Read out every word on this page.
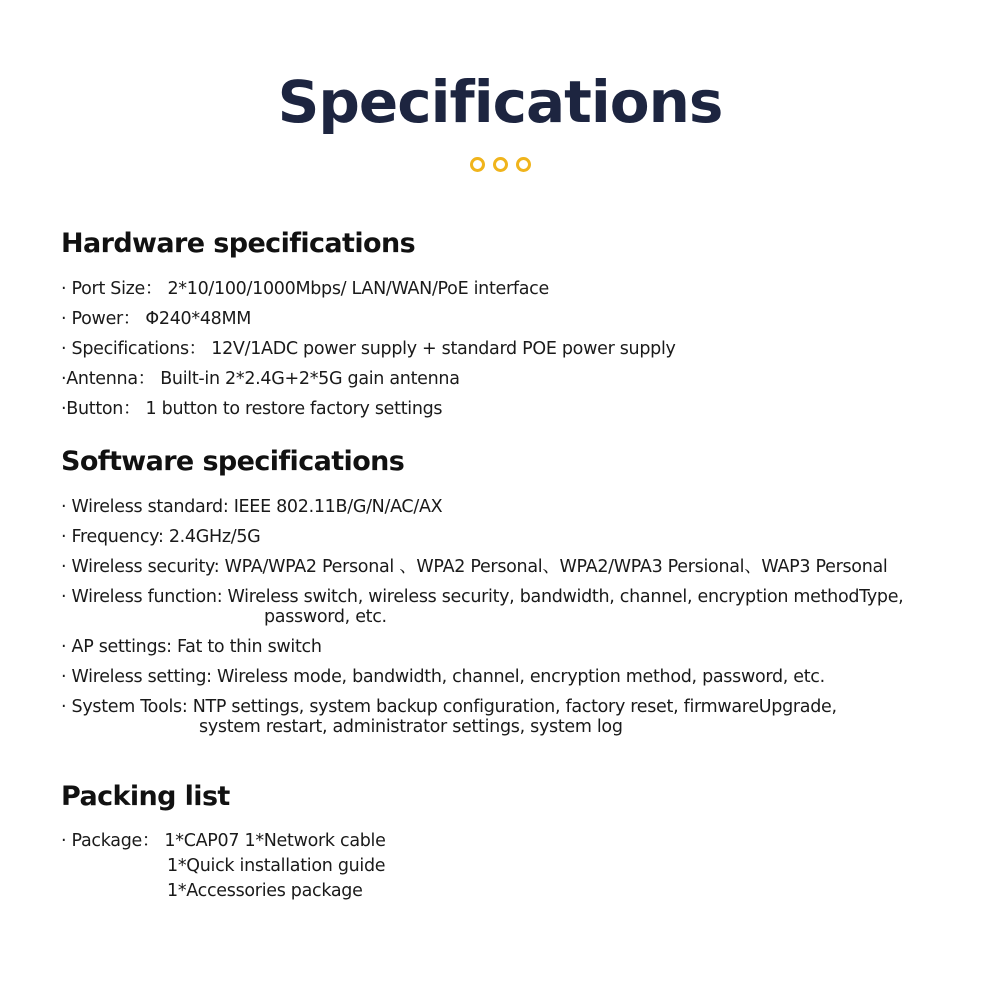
Specifications
Hardware specifications
· Port Size： 2*10/100/1000Mbps/ LAN/WAN/PoE interface
· Power： Φ240*48MM
· Specifications： 12V/1ADC power supply + standard POE power supply
·Antenna： Built-in 2*2.4G+2*5G gain antenna
·Button： 1 button to restore factory settings
Software specifications
· Wireless standard: IEEE 802.11B/G/N/AC/AX
· Frequency: 2.4GHz/5G
· Wireless security: WPA/WPA2 Personal 、WPA2 Personal、WPA2/WPA3 Persional、WAP3 Personal
· Wireless function: Wireless switch, wireless security, bandwidth, channel, encryption methodType,
password, etc.
· AP settings: Fat to thin switch
· Wireless setting: Wireless mode, bandwidth, channel, encryption method, password, etc.
· System Tools: NTP settings, system backup configuration, factory reset, firmwareUpgrade,
system restart, administrator settings, system log
Packing list
· Package： 1*CAP07 1*Network cable
1*Quick installation guide
1*Accessories package
